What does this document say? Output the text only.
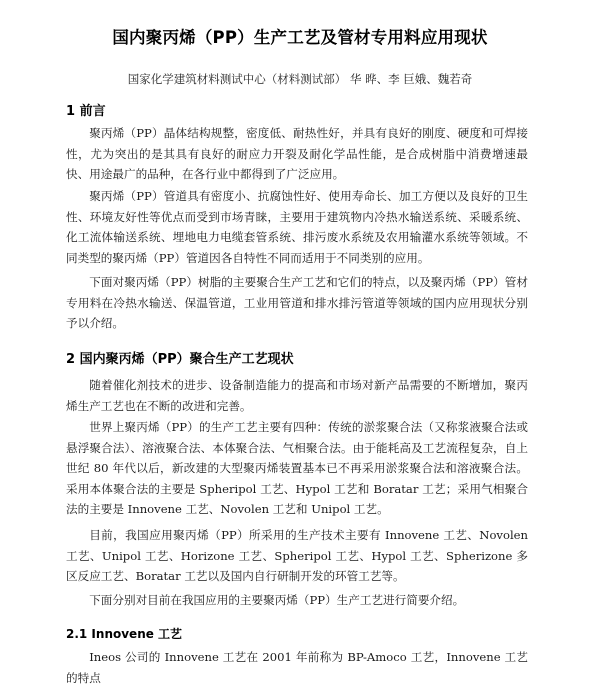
国内聚丙烯（PP）生产工艺及管材专用料应用现状
国家化学建筑材料测试中心（材料测试部） 华 晔、李 巨娥、魏若奇
1 前言

聚丙烯（PP）晶体结构规整，密度低、耐热性好，并具有良好的刚度、硬度和可焊接性，尤为突出的是其具有良好的耐应力开裂及耐化学品性能，是合成树脂中消费增速最快、用途最广的品种，在各行业中都得到了广泛应用。

聚丙烯（PP）管道具有密度小、抗腐蚀性好、使用寿命长、加工方便以及良好的卫生性、环境友好性等优点而受到市场青睐，主要用于建筑物内冷热水输送系统、采暖系统、化工流体输送系统、埋地电力电缆套管系统、排污废水系统及农用输灌水系统等领域。不同类型的聚丙烯（PP）管道因各自特性不同而适用于不同类别的应用。

下面对聚丙烯（PP）树脂的主要聚合生产工艺和它们的特点，以及聚丙烯（PP）管材专用料在冷热水输送、保温管道，工业用管道和排水排污管道等领域的国内应用现状分别予以介绍。

2 国内聚丙烯（PP）聚合生产工艺现状

随着催化剂技术的进步、设备制造能力的提高和市场对新产品需要的不断增加，聚丙烯生产工艺也在不断的改进和完善。

世界上聚丙烯（PP）的生产工艺主要有四种：传统的淤浆聚合法（又称浆液聚合法或悬浮聚合法）、溶液聚合法、本体聚合法、气相聚合法。由于能耗高及工艺流程复杂，自上世纪 80 年代以后，新改建的大型聚丙烯装置基本已不再采用淤浆聚合法和溶液聚合法。采用本体聚合法的主要是 Spheripol 工艺、Hypol 工艺和 Boratar 工艺；采用气相聚合法的主要是 Innovene 工艺、Novolen 工艺和 Unipol 工艺。

目前，我国应用聚丙烯（PP）所采用的生产技术主要有 Innovene 工艺、Novolen 工艺、Unipol 工艺、Horizone 工艺、Spheripol 工艺、Hypol 工艺、Spherizone 多区反应工艺、Boratar 工艺以及国内自行研制开发的环管工艺等。

下面分别对目前在我国应用的主要聚丙烯（PP）生产工艺进行简要介绍。

2.1 Innovene 工艺

Ineos 公司的 Innovene 工艺在 2001 年前称为 BP-Amoco 工艺，Innovene 工艺的特点
